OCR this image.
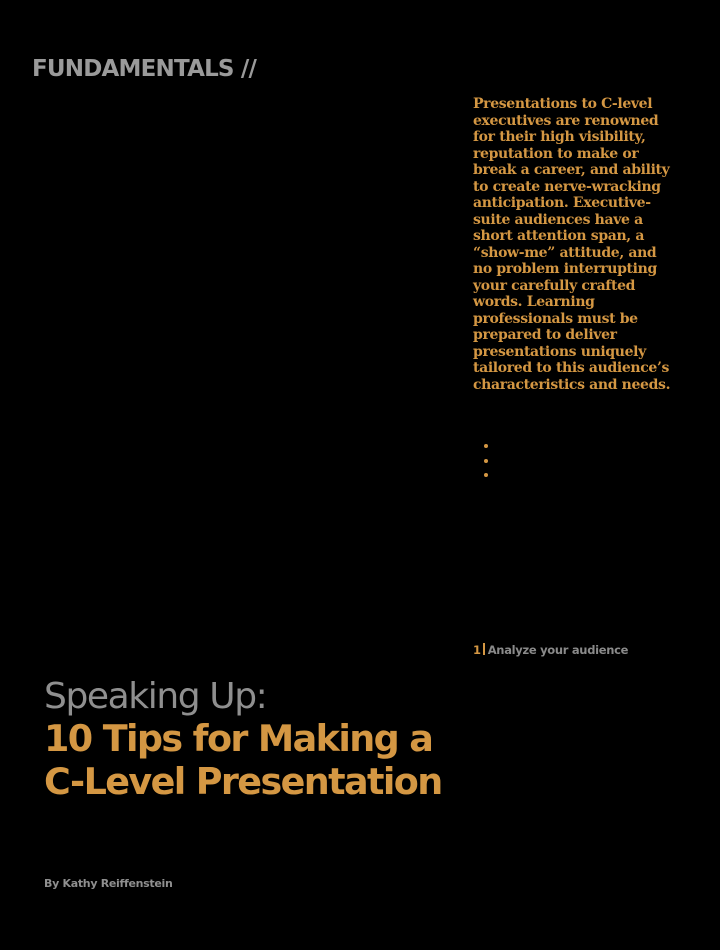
FUNDAMENTALS //

Presentations to C-level executives are renowned for their high visibility, reputation to make or break a career, and ability to create nerve-wracking anticipation. Executive-suite audiences have a short attention span, a “show-me” attitude, and no problem interrupting your carefully crafted words. Learning professionals must be prepared to deliver presentations uniquely tailored to this audience’s characteristics and needs.

1 Analyze your audience
Speaking Up:
10 Tips for Making a
C-Level Presentation

By Kathy Reiffenstein
